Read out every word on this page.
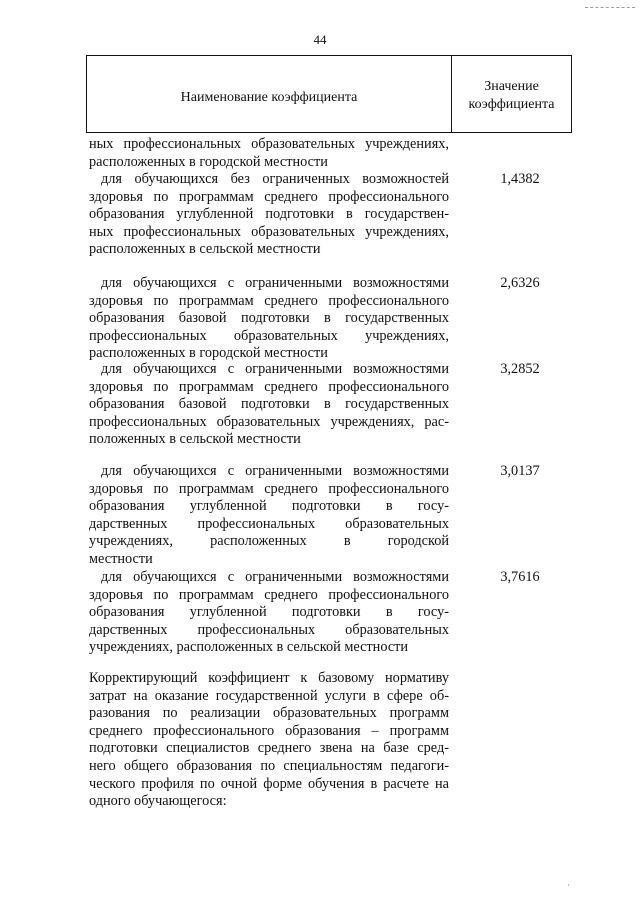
44
Наименование коэффициента
Значение
коэффициента

ных профессиональных образовательных учреждениях,

расположенных в городской местности

для обучающихся без ограниченных возможностей

здоровья по программам среднего профессионального

образования углубленной подготовки в государствен-

ных профессиональных образовательных учреждениях,

расположенных в сельской местности

1,4382

для обучающихся с ограниченными возможностями

здоровья по программам среднего профессионального

образования базовой подготовки в государственных

профессиональных образовательных учреждениях,

расположенных в городской местности

2,6326

для обучающихся с ограниченными возможностями

здоровья по программам среднего профессионального

образования базовой подготовки в государственных

профессиональных образовательных учреждениях, рас-

положенных в сельской местности

3,2852

для обучающихся с ограниченными возможностями

здоровья по программам среднего профессионального

образования углубленной подготовки в госу-

дарственных профессиональных образовательных

учреждениях, расположенных в городской

местности

3,0137

для обучающихся с ограниченными возможностями

здоровья по программам среднего профессионального

образования углубленной подготовки в госу-

дарственных профессиональных образовательных

учреждениях, расположенных в сельской местности

3,7616

Корректирующий коэффициент к базовому нормативу

затрат на оказание государственной услуги в сфере об-

разования по реализации образовательных программ

среднего профессионального образования – программ

подготовки специалистов среднего звена на базе сред-

него общего образования по специальностям педагоги-

ческого профиля по очной форме обучения в расчете на

одного обучающегося:

·
